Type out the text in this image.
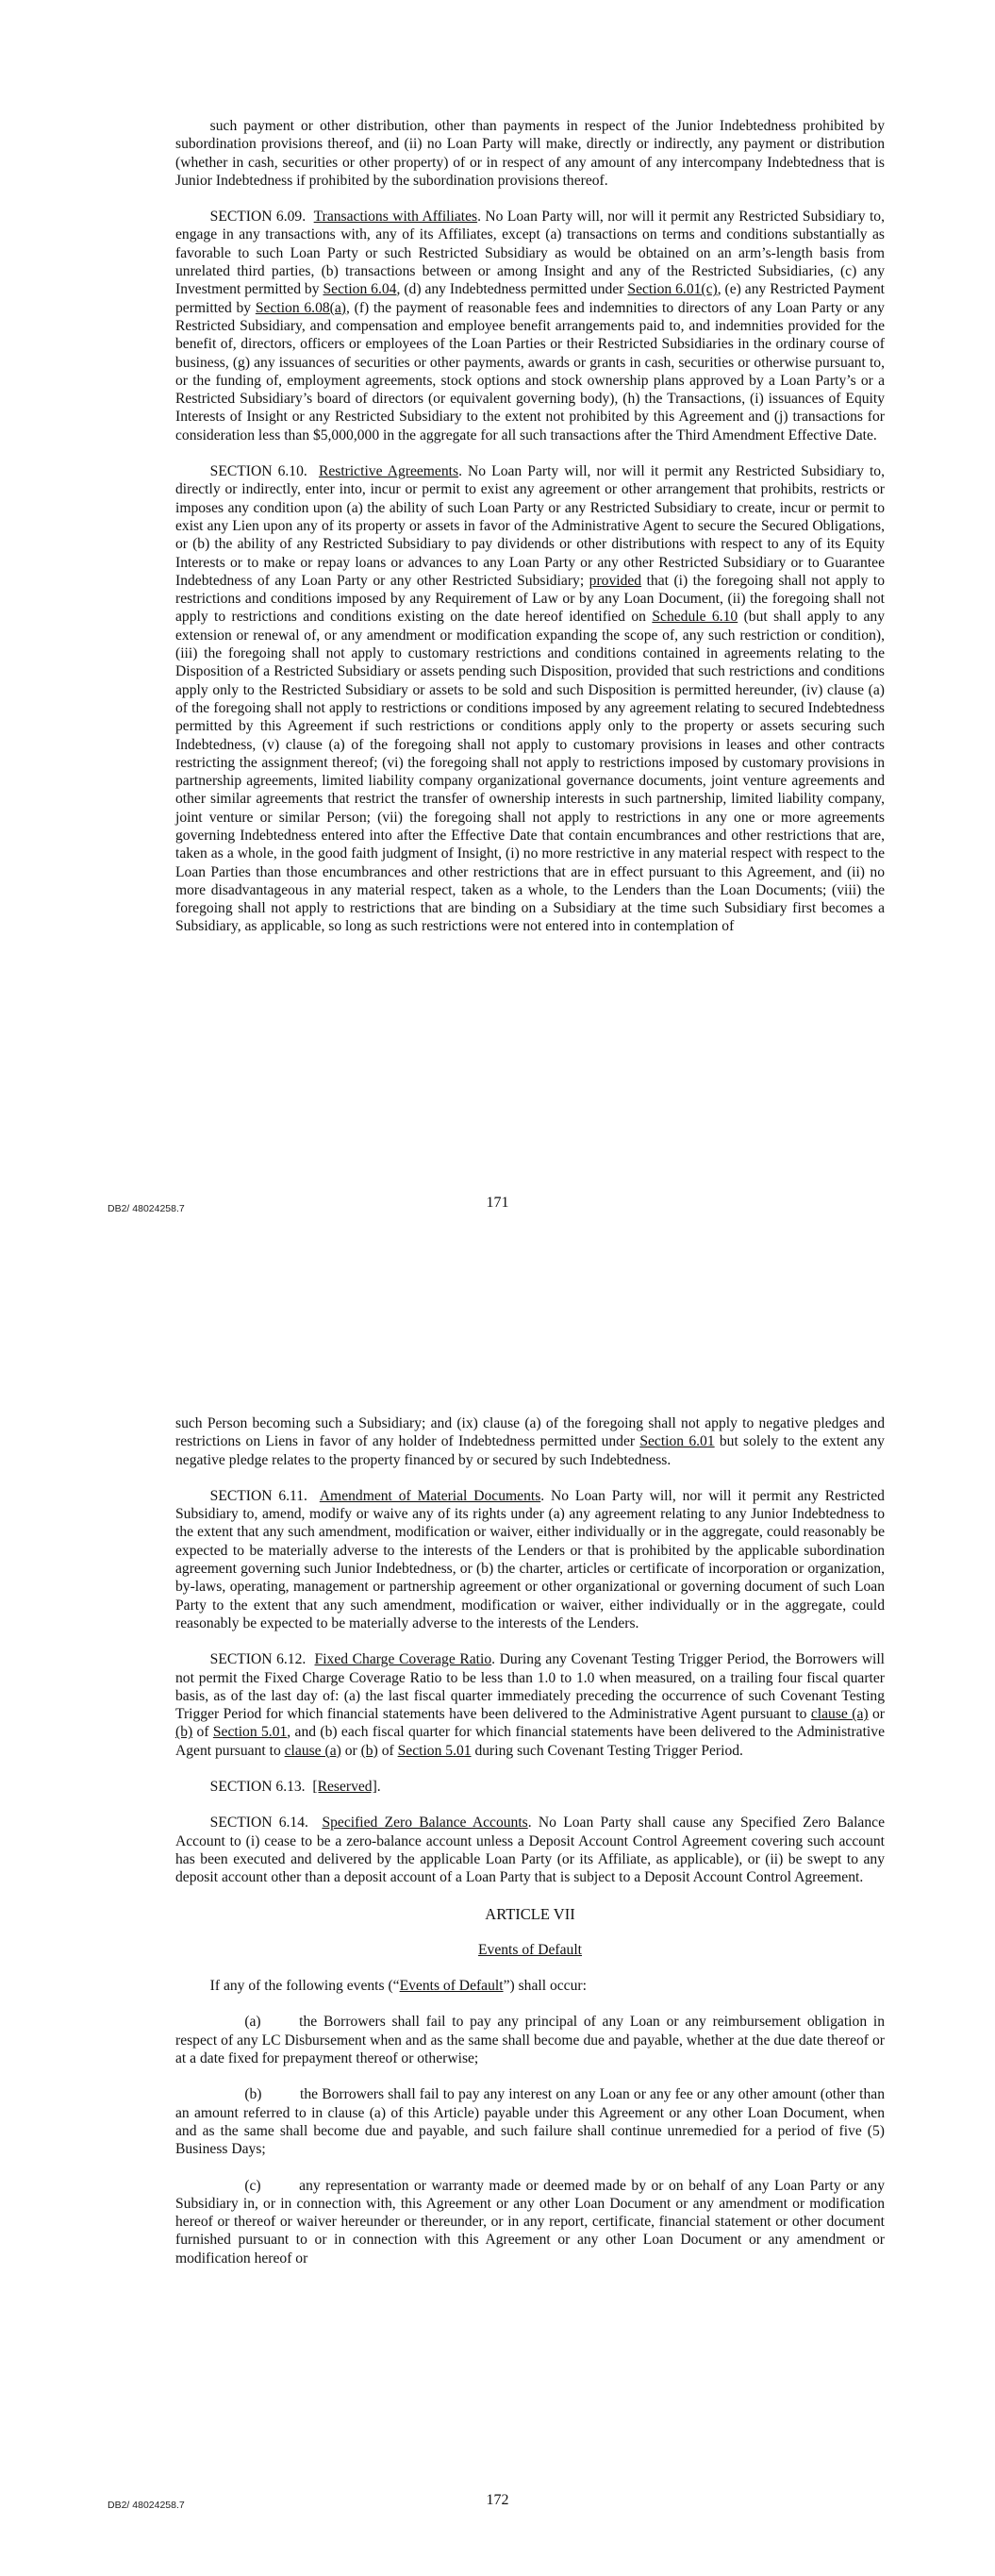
such payment or other distribution, other than payments in respect of the Junior Indebtedness prohibited by subordination provisions thereof, and (ii) no Loan Party will make, directly or indirectly, any payment or distribution (whether in cash, securities or other property) of or in respect of any amount of any intercompany Indebtedness that is Junior Indebtedness if prohibited by the subordination provisions thereof.

SECTION 6.09. Transactions with Affiliates. No Loan Party will, nor will it permit any Restricted Subsidiary to, engage in any transactions with, any of its Affiliates, except (a) transactions on terms and conditions substantially as favorable to such Loan Party or such Restricted Subsidiary as would be obtained on an arm’s-length basis from unrelated third parties, (b) transactions between or among Insight and any of the Restricted Subsidiaries, (c) any Investment permitted by Section 6.04, (d) any Indebtedness permitted under Section 6.01(c), (e) any Restricted Payment permitted by Section 6.08(a), (f) the payment of reasonable fees and indemnities to directors of any Loan Party or any Restricted Subsidiary, and compensation and employee benefit arrangements paid to, and indemnities provided for the benefit of, directors, officers or employees of the Loan Parties or their Restricted Subsidiaries in the ordinary course of business, (g) any issuances of securities or other payments, awards or grants in cash, securities or otherwise pursuant to, or the funding of, employment agreements, stock options and stock ownership plans approved by a Loan Party’s or a Restricted Subsidiary’s board of directors (or equivalent governing body), (h) the Transactions, (i) issuances of Equity Interests of Insight or any Restricted Subsidiary to the extent not prohibited by this Agreement and (j) transactions for consideration less than $5,000,000 in the aggregate for all such transactions after the Third Amendment Effective Date.

SECTION 6.10. Restrictive Agreements. No Loan Party will, nor will it permit any Restricted Subsidiary to, directly or indirectly, enter into, incur or permit to exist any agreement or other arrangement that prohibits, restricts or imposes any condition upon (a) the ability of such Loan Party or any Restricted Subsidiary to create, incur or permit to exist any Lien upon any of its property or assets in favor of the Administrative Agent to secure the Secured Obligations, or (b) the ability of any Restricted Subsidiary to pay dividends or other distributions with respect to any of its Equity Interests or to make or repay loans or advances to any Loan Party or any other Restricted Subsidiary or to Guarantee Indebtedness of any Loan Party or any other Restricted Subsidiary; provided that (i) the foregoing shall not apply to restrictions and conditions imposed by any Requirement of Law or by any Loan Document, (ii) the foregoing shall not apply to restrictions and conditions existing on the date hereof identified on Schedule 6.10 (but shall apply to any extension or renewal of, or any amendment or modification expanding the scope of, any such restriction or condition), (iii) the foregoing shall not apply to customary restrictions and conditions contained in agreements relating to the Disposition of a Restricted Subsidiary or assets pending such Disposition, provided that such restrictions and conditions apply only to the Restricted Subsidiary or assets to be sold and such Disposition is permitted hereunder, (iv) clause (a) of the foregoing shall not apply to restrictions or conditions imposed by any agreement relating to secured Indebtedness permitted by this Agreement if such restrictions or conditions apply only to the property or assets securing such Indebtedness, (v) clause (a) of the foregoing shall not apply to customary provisions in leases and other contracts restricting the assignment thereof; (vi) the foregoing shall not apply to restrictions imposed by customary provisions in partnership agreements, limited liability company organizational governance documents, joint venture agreements and other similar agreements that restrict the transfer of ownership interests in such partnership, limited liability company, joint venture or similar Person; (vii) the foregoing shall not apply to restrictions in any one or more agreements governing Indebtedness entered into after the Effective Date that contain encumbrances and other restrictions that are, taken as a whole, in the good faith judgment of Insight, (i) no more restrictive in any material respect with respect to the Loan Parties than those encumbrances and other restrictions that are in effect pursuant to this Agreement, and (ii) no more disadvantageous in any material respect, taken as a whole, to the Lenders than the Loan Documents; (viii) the foregoing shall not apply to restrictions that are binding on a Subsidiary at the time such Subsidiary first becomes a Subsidiary, as applicable, so long as such restrictions were not entered into in contemplation of

DB2/ 48024258.7	171

such Person becoming such a Subsidiary; and (ix) clause (a) of the foregoing shall not apply to negative pledges and restrictions on Liens in favor of any holder of Indebtedness permitted under Section 6.01 but solely to the extent any negative pledge relates to the property financed by or secured by such Indebtedness.

SECTION 6.11. Amendment of Material Documents. No Loan Party will, nor will it permit any Restricted Subsidiary to, amend, modify or waive any of its rights under (a) any agreement relating to any Junior Indebtedness to the extent that any such amendment, modification or waiver, either individually or in the aggregate, could reasonably be expected to be materially adverse to the interests of the Lenders or that is prohibited by the applicable subordination agreement governing such Junior Indebtedness, or (b) the charter, articles or certificate of incorporation or organization, by-laws, operating, management or partnership agreement or other organizational or governing document of such Loan Party to the extent that any such amendment, modification or waiver, either individually or in the aggregate, could reasonably be expected to be materially adverse to the interests of the Lenders.

SECTION 6.12. Fixed Charge Coverage Ratio. During any Covenant Testing Trigger Period, the Borrowers will not permit the Fixed Charge Coverage Ratio to be less than 1.0 to 1.0 when measured, on a trailing four fiscal quarter basis, as of the last day of: (a) the last fiscal quarter immediately preceding the occurrence of such Covenant Testing Trigger Period for which financial statements have been delivered to the Administrative Agent pursuant to clause (a) or (b) of Section 5.01, and (b) each fiscal quarter for which financial statements have been delivered to the Administrative Agent pursuant to clause (a) or (b) of Section 5.01 during such Covenant Testing Trigger Period.

SECTION 6.13. [Reserved].

SECTION 6.14. Specified Zero Balance Accounts. No Loan Party shall cause any Specified Zero Balance Account to (i) cease to be a zero-balance account unless a Deposit Account Control Agreement covering such account has been executed and delivered by the applicable Loan Party (or its Affiliate, as applicable), or (ii) be swept to any deposit account other than a deposit account of a Loan Party that is subject to a Deposit Account Control Agreement.

ARTICLE VII

Events of Default

If any of the following events (“Events of Default”) shall occur:

(a)	the Borrowers shall fail to pay any principal of any Loan or any reimbursement obligation in respect of any LC Disbursement when and as the same shall become due and payable, whether at the due date thereof or at a date fixed for prepayment thereof or otherwise;

(b)	the Borrowers shall fail to pay any interest on any Loan or any fee or any other amount (other than an amount referred to in clause (a) of this Article) payable under this Agreement or any other Loan Document, when and as the same shall become due and payable, and such failure shall continue unremedied for a period of five (5) Business Days;

(c)	any representation or warranty made or deemed made by or on behalf of any Loan Party or any Subsidiary in, or in connection with, this Agreement or any other Loan Document or any amendment or modification hereof or thereof or waiver hereunder or thereunder, or in any report, certificate, financial statement or other document furnished pursuant to or in connection with this Agreement or any other Loan Document or any amendment or modification hereof or

DB2/ 48024258.7	172
